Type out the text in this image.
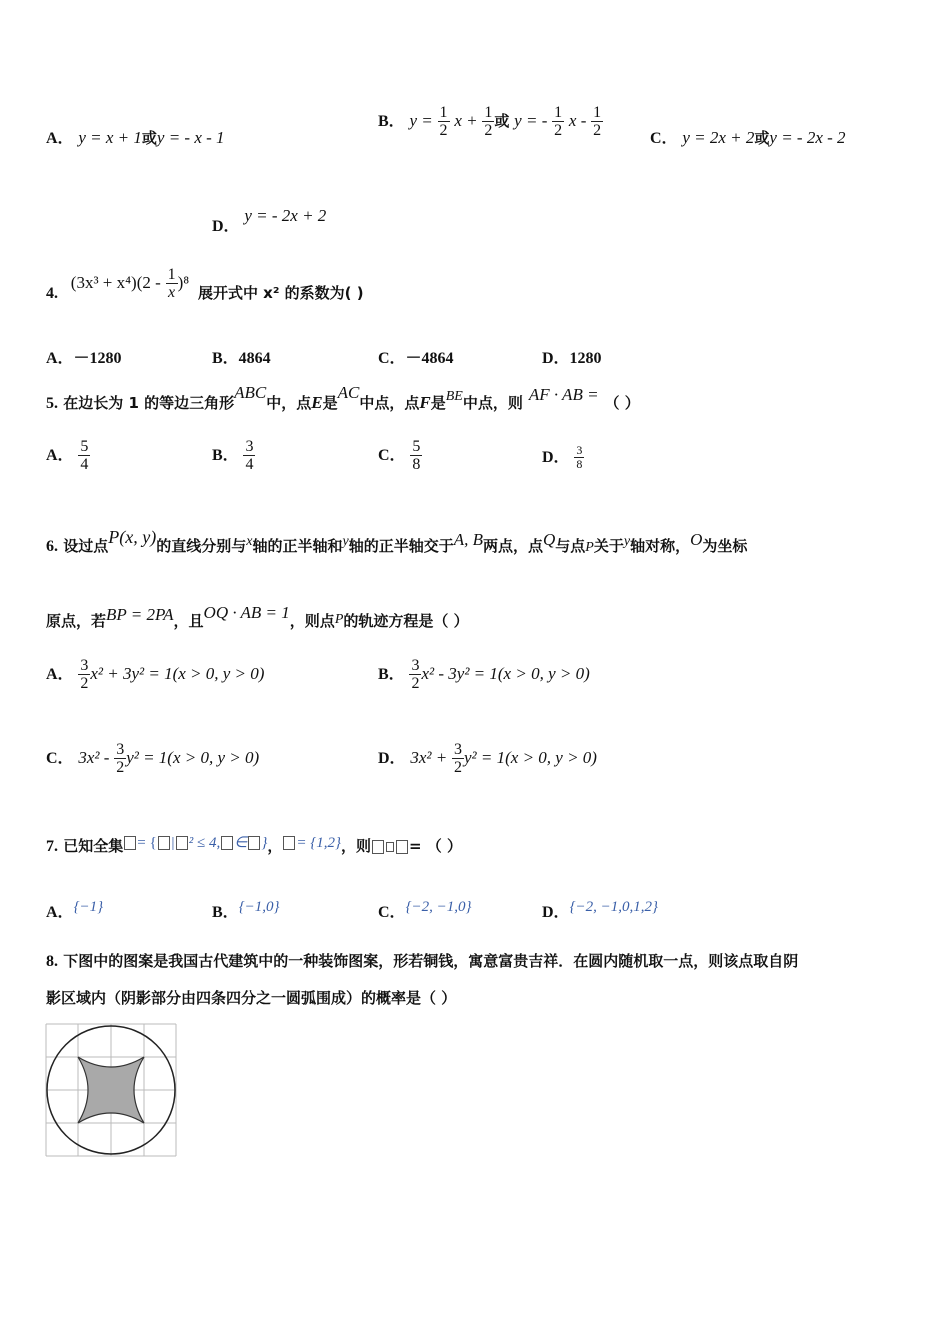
A． y = x + 1或y = - x - 1
B． $y = \frac{1}{2}$ $x + \frac{1}{2}$ 或 y = - $\frac{1}{2}$ x - $\frac{1}{2}$	C． y = 2x + 2或y = - 2x - 2
D． y = - 2x + 2
4. $(3x^3 + x^4)(2 - \frac{1}{x} )^8$ 展开式中 x² 的系数为( )
A．－1280	B．4864	C．－4864	D．1280
5. 在边长为 1 的等边三角形ABC中，点E是AC中点，点F是BE中点，则 AF · AB = （ ）
A． $\frac{5}{4}$	B． $\frac{3}{4}$	C． $\frac{5}{8}$	D． $\frac{3}{8}$
6. 设过点P(x, y)的直线分别与x轴的正半轴和y轴的正半轴交于A, B两点，点Q与点P关于y轴对称，O为坐标
原点，若BP = 2PA，且OQ · AB = 1，则点P的轨迹方程是（ ）
A． $\frac{3}{2} x^2 + 3y^2 = 1(x > 0$, y > 0)	B． $\frac{3}{2} x^2 - 3y^2 = 1(x > 0$, y > 0)
C． $3x^2 - \frac{3}{2} y^2 = 1(x > 0$, y > 0)	D． $3x^2 + \frac{3}{2} y^2 = 1(x > 0$, y > 0)
7. 已知全集 = { | ² ≤ 4, ∈ }， = {1,2}，则	= （ ）
A．{−1}	B．{−1,0}	C．{−2, −1,0}	D．{−2, −1,0,1,2}
8. 下图中的图案是我国古代建筑中的一种装饰图案，形若铜钱，寓意富贵吉祥．在圆内随机取一点，则该点取自阴
影区域内（阴影部分由四条四分之一圆弧围成）的概率是（ ）
